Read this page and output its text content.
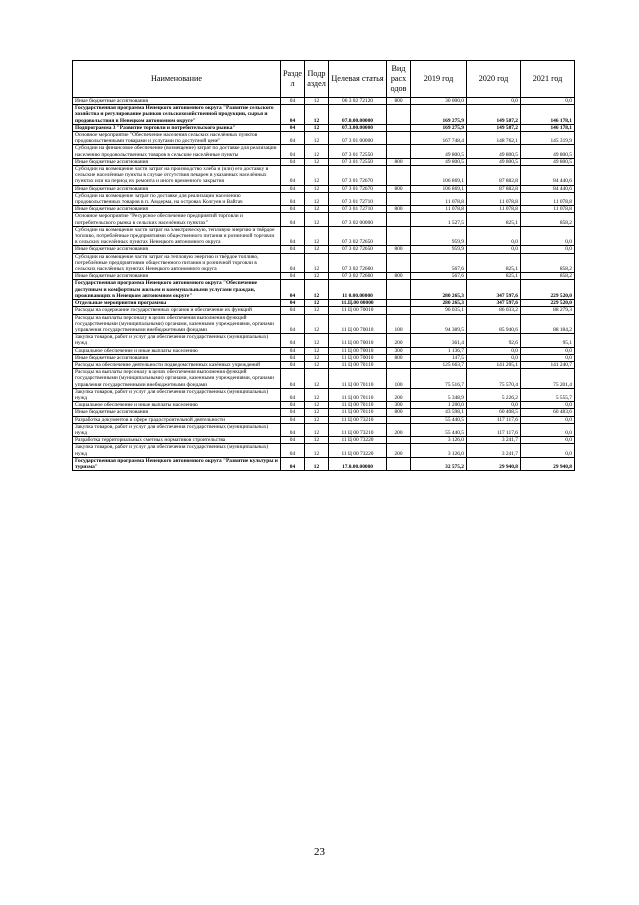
Наименование	Разде л	Подр аздел	Целевая статья	Вид расх одов	2019 год	2020 год	2021 год
Иные бюджетные ассигнования	04	12	06 3 02 72120	800	30 000,0	0,0	0,0
Государственная программа Ненецкого автономного округа "Развитие сельского хозяйства и регулирование рынков сельскохозяйственной продукции, сырья и продовольствия в Ненецком автономном округе"	04	12	07.0.00.00000		169 275,9	149 587,2	146 178,1
Подпрограмма 3 "Развитие торговли и потребительского рынка"	04	12	07.3.00.00000		169 275,9	149 587,2	146 178,1
Основное мероприятие "Обеспечение населения сельских населённых пунктов продовольственными товарами и услугами по доступной цене"	04	12	07 3 01 00000		167 748,4	148 762,1	145 319,9
Субсидии на финансовое обеспечение (возмещение) затрат по доставке для реализации населению продовольственных товаров в сельские населённые пункты	04	12	07 3 01 72550		49 800,5	49 800,5	49 800,5
Иные бюджетные ассигнования	04	12	07 3 01 72550	800	49 800,5	49 800,5	49 800,5
Субсидии на возмещение части затрат на производство хлеба и (или) его доставку в сельские населённые пункты в случае отсутствия пекарен в указанных населённых пунктах или на период их ремонта и иного временного закрытия	04	12	07 3 01 72670		106 869,1	87 882,8	84 440,6
Иные бюджетные ассигнования	04	12	07 3 01 72670	800	106 869,1	87 882,8	84 440,6
Субсидии на возмещение затрат по доставке для реализации населению продовольственных товаров в п. Амдерма, на островах Колгуев и Вайгач	04	12	07 3 01 72710		11 078,8	11 078,8	11 078,8
Иные бюджетные ассигнования	04	12	07 3 01 72710	800	11 078,8	11 078,8	11 078,8
Основное мероприятие "Ресурсное обеспечение предприятий торговли и потребительского рынка в сельских населённых пунктах"	04	12	07 3 02 00000		1 527,5	825,1	858,2
Субсидии на возмещение части затрат на электрическую, тепловую энергию и твёрдое топливо, потреблённые предприятиями общественного питания и розничной торговли в сельских населённых пунктах Ненецкого автономного округа	04	12	07 3 02 72650		959,9	0,0	0,0
Иные бюджетные ассигнования	04	12	07 3 02 72650	800	959,9	0,0	0,0
Субсидии на возмещение части затрат на тепловую энергию и твёрдое топливо, потреблённые предприятиями общественного питания и розничной торговли в сельских населённых пунктах Ненецкого автономного округа	04	12	07 3 02 72660		567,6	825,1	858,2
Иные бюджетные ассигнования	04	12	07 3 02 72660	800	567,6	825,1	858,2
Государственная программа Ненецкого автономного округа "Обеспечение доступным и комфортным жильем и коммунальными услугами граждан, проживающих в Ненецком автономном округе"	04	12	11 0.00.00000		280 265,3	347 597,6	229 520,0
Отдельные мероприятия программы	04	12	11.Ц.00 00000		280 265,3	347 597,6	229 520,0
Расходы на содержание государственных органов и обеспечение их функций	04	12	11 Ц 00 70010		96 035,1	86 033,2	88 279,3
Расходы на выплаты персоналу в целях обеспечения выполнения функций государственными (муниципальными) органами, казенными учреждениями, органами управления государственными внебюджетными фондами	04	12	11 Ц 00 70010	100	94 389,5	85 940,6	88 184,2
Закупка товаров, работ и услуг для обеспечения государственных (муниципальных) нужд	04	12	11 Ц 00 70010	200	361,4	92,6	95,1
Социальное обеспечение и иные выплаты населению	04	12	11 Ц 00 70010	300	1 136,7	0,0	0,0
Иные бюджетные ассигнования	04	12	11 Ц 00 70010	800	147,5	0,0	0,0
Расходы на обеспечение деятельности подведомственных казённых учреждений	04	12	11 Ц 00 70110		125 663,7	141 205,1	141 240,7
Расходы на выплаты персоналу в целях обеспечения выполнения функций государственными (муниципальными) органами, казенными учреждениями, органами управления государственными внебюджетными фондами	04	12	11 Ц 00 70110	100	75 516,7	75 570,4	75 201,4
Закупка товаров, работ и услуг для обеспечения государственных (муниципальных) нужд	04	12	11 Ц 00 70110	200	5 348,9	5 226,2	5 555,7
Социальное обеспечение и иные выплаты населению	04	12	11 Ц 00 70110	300	1 200,0	0,0	0,0
Иные бюджетные ассигнования	04	12	11 Ц 00 70110	800	43 598,1	60 408,5	60 483,6
Разработка документов в сфере градостроительной деятельности	04	12	11 Ц 00 73210		55 440,5	117 117,6	0,0
Закупка товаров, работ и услуг для обеспечения государственных (муниципальных) нужд	04	12	11 Ц 00 73210	200	55 440,5	117 117,6	0,0
Разработка территориальных сметных нормативов строительства	04	12	11 Ц 00 73220		3 126,0	3 241,7	0,0
Закупка товаров, работ и услуг для обеспечения государственных (муниципальных) нужд	04	12	11 Ц 00 73220	200	3 126,0	3 241,7	0,0
Государственная программа Ненецкого автономного округа "Развитие культуры и туризма"	04	12	17.0.00.00000		32 575,2	29 940,8	29 940,8
23
